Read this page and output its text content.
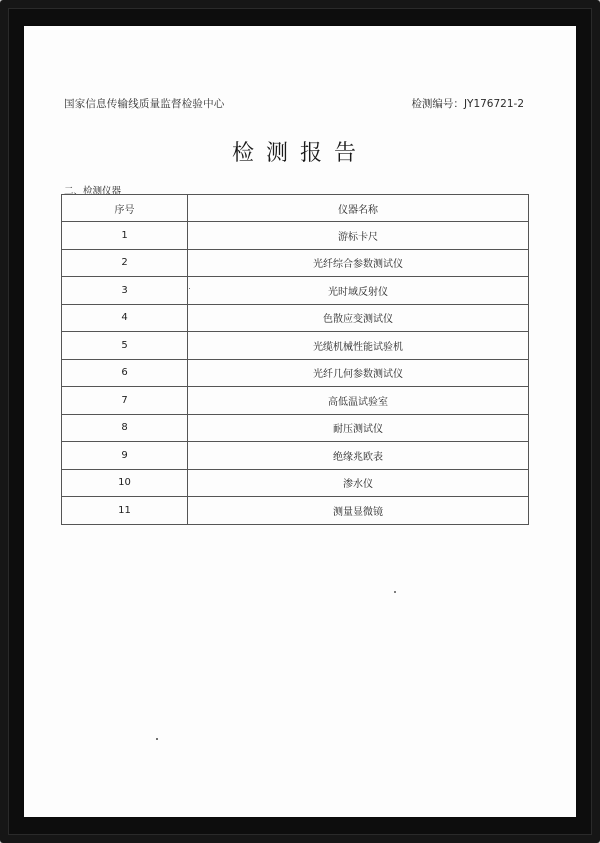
国家信息传输线质量监督检验中心	检测编号：JY176721-2
检测报告
二、检测仪器
序号	仪器名称
1	游标卡尺
2	光纤综合参数测试仪
3	光时域反射仪
4	色散应变测试仪
5	光缆机械性能试验机
6	光纤几何参数测试仪
7	高低温试验室
8	耐压测试仪
9	绝缘兆欧表
10	渗水仪
11	测量显微镜
